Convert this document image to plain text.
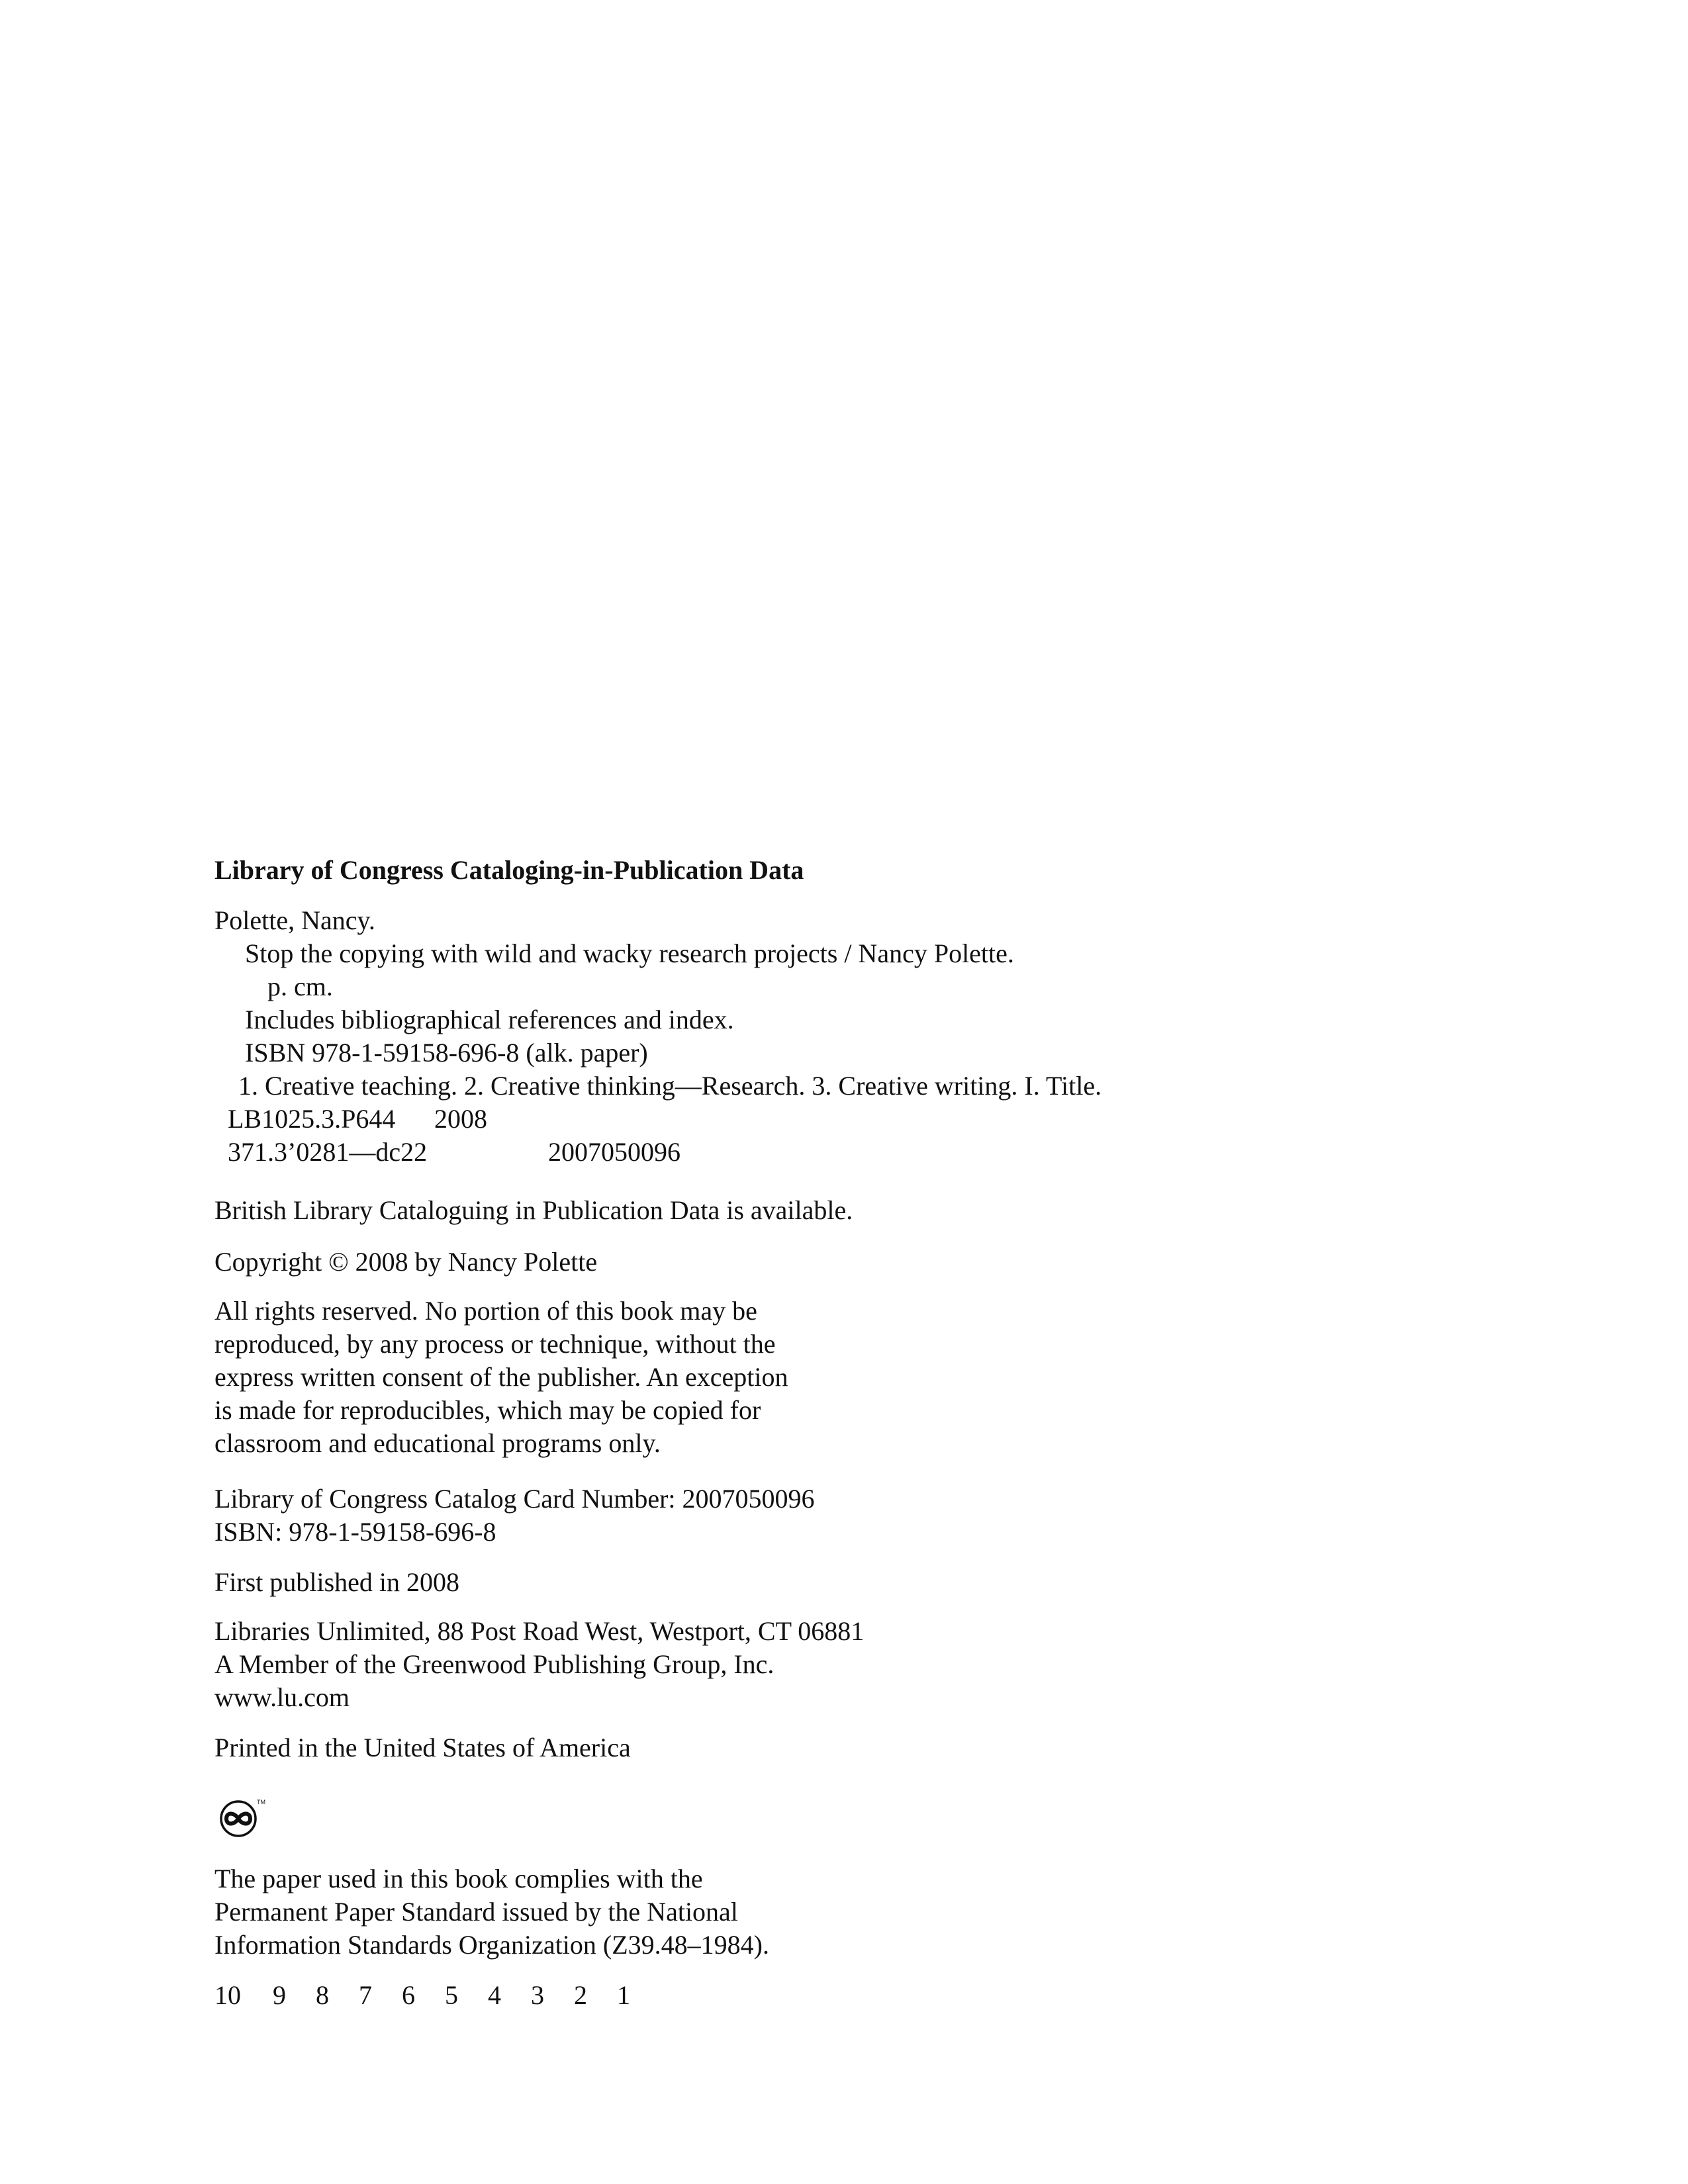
Library of Congress Cataloging-in-Publication Data
Polette, Nancy.
Stop the copying with wild and wacky research projects / Nancy Polette.
p. cm.
Includes bibliographical references and index.
ISBN 978-1-59158-696-8 (alk. paper)
1. Creative teaching. 2. Creative thinking—Research. 3. Creative writing. I. Title.
LB1025.3.P644	2008
371.3’0281—dc22	2007050096
British Library Cataloguing in Publication Data is available.
Copyright © 2008 by Nancy Polette
All rights reserved. No portion of this book may be
reproduced, by any process or technique, without the
express written consent of the publisher. An exception
is made for reproducibles, which may be copied for
classroom and educational programs only.
Library of Congress Catalog Card Number: 2007050096
ISBN: 978-1-59158-696-8
First published in 2008
Libraries Unlimited, 88 Post Road West, Westport, CT 06881
A Member of the Greenwood Publishing Group, Inc.
www.lu.com
Printed in the United States of America
TM
The paper used in this book complies with the
Permanent Paper Standard issued by the National
Information Standards Organization (Z39.48–1984).
10	9	8	7	6	5	4	3	2	1
